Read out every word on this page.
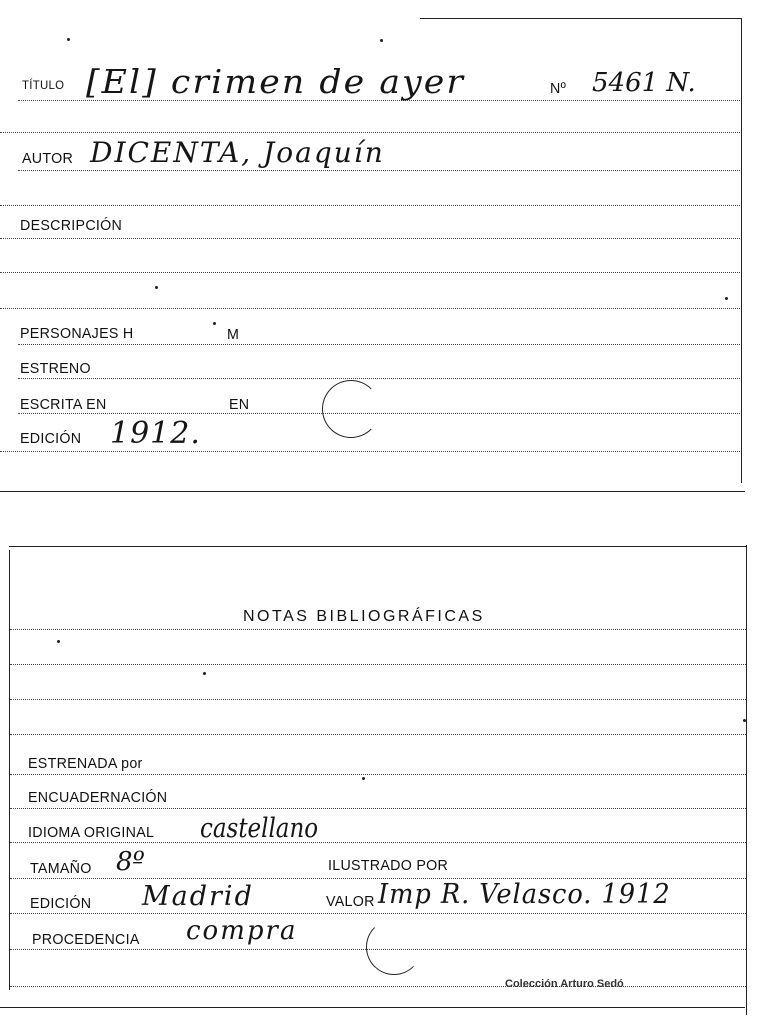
TÍTULO [El] crimen de ayer	Nº 5461 N.
AUTOR DICENTA, Joaquín
DESCRIPCIÓN
PERSONAJES H	M
ESTRENO
ESCRITA EN	EN
EDICIÓN 1912.
NOTAS BIBLIOGRÁFICAS
ESTRENADA por
ENCUADERNACIÓN
IDIOMA ORIGINAL castellano
TAMAÑO 8º	ILUSTRADO POR
EDICIÓN Madrid	VALOR Imp R. Velasco. 1912
PROCEDENCIA compra
Colección Arturo Sedó
